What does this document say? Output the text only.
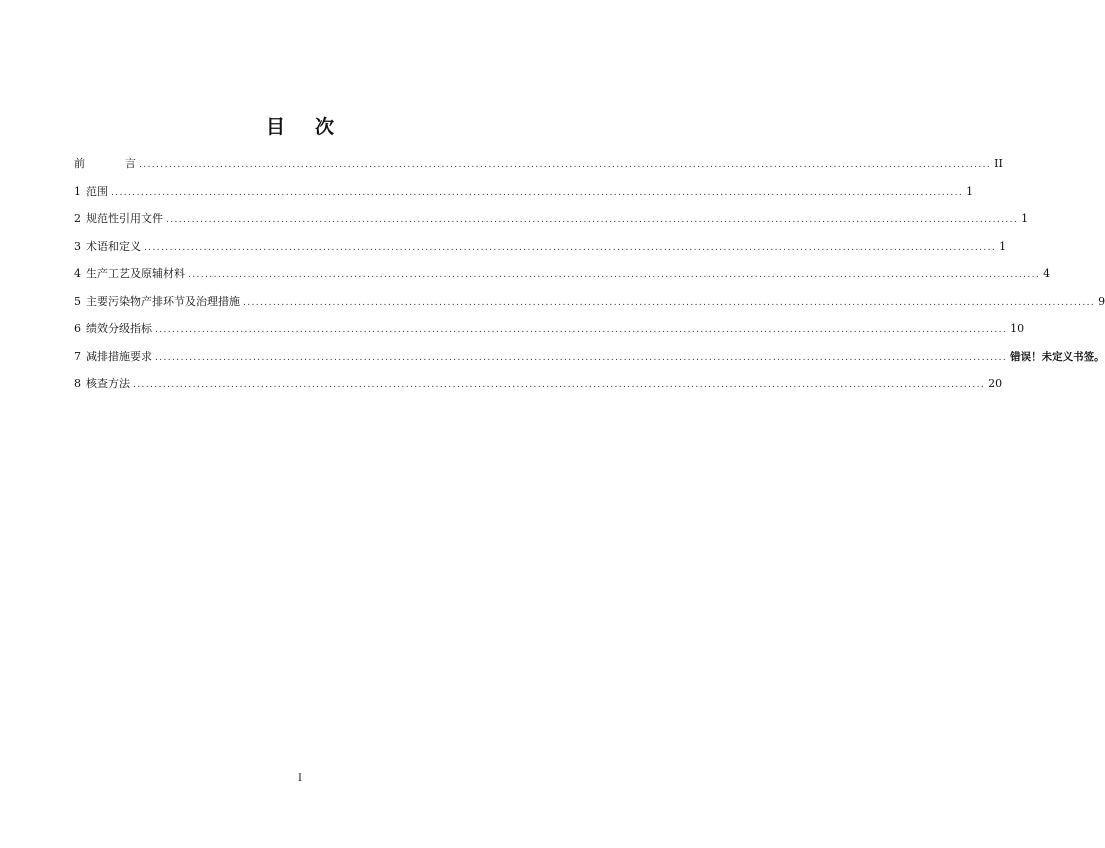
目 次
前	言 ........................................................................................................................................................................................................ II
1 范围 ........................................................................................................................................................................................................ 1
2 规范性引用文件 ........................................................................................................................................................................................................ 1
3 术语和定义 ........................................................................................................................................................................................................ 1
4 生产工艺及原辅材料 ........................................................................................................................................................................................................ 4
5 主要污染物产排环节及治理措施 ........................................................................................................................................................................................................ 9
6 绩效分级指标 ........................................................................................................................................................................................................ 10
7 减排措施要求 ........................................................................................................................................................................................................ 错误！未定义书签。
8 核查方法 ........................................................................................................................................................................................................ 20
I
